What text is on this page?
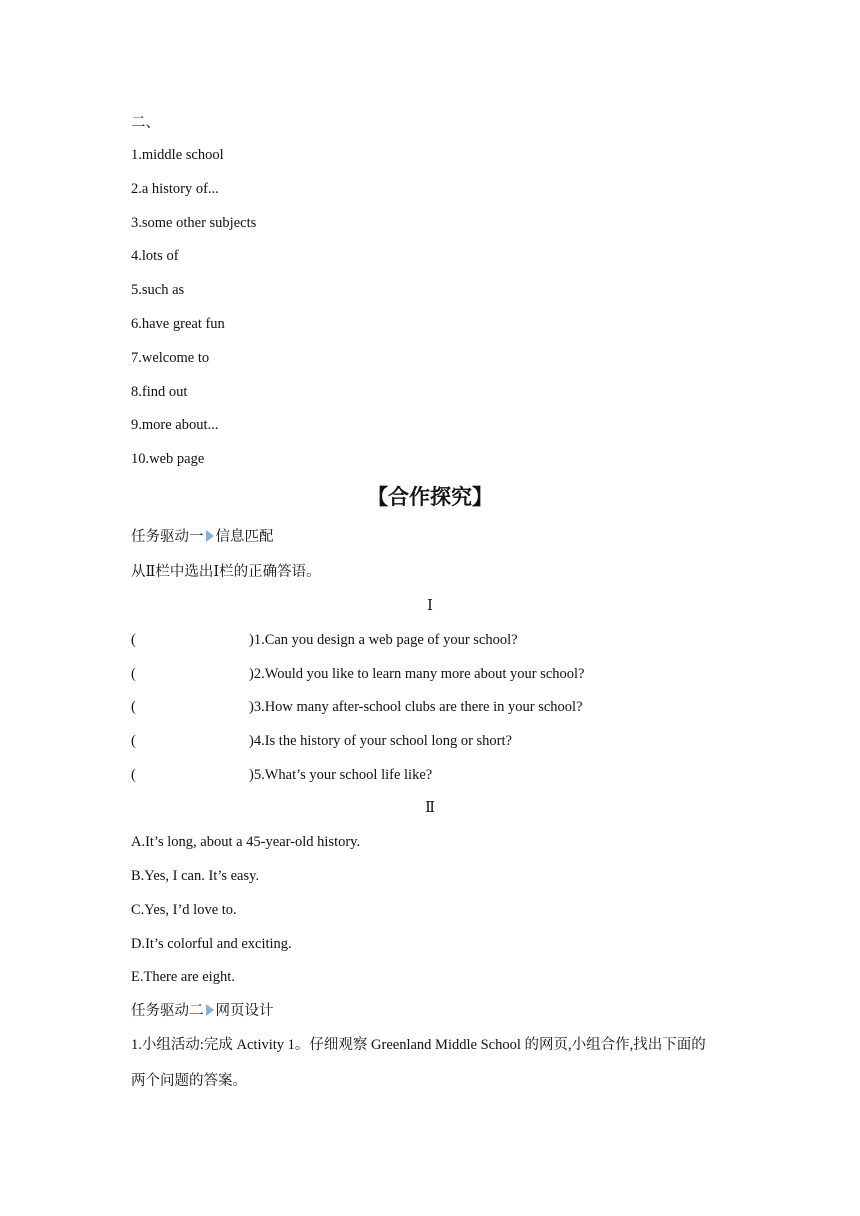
二、
1.middle school
2.a history of...
3.some other subjects
4.lots of
5.such as
6.have great fun
7.welcome to
8.find out
9.more about...
10.web page
【合作探究】
任务驱动一 信息匹配
从Ⅱ栏中选出Ⅰ栏的正确答语。
Ⅰ
(	)1.Can you design a web page of your school?
(	)2.Would you like to learn many more about your school?
(	)3.How many after-school clubs are there in your school?
(	)4.Is the history of your school long or short?
(	)5.What’s your school life like?
Ⅱ
A.It’s long, about a 45-year-old history.
B.Yes, I can. It’s easy.
C.Yes, I’d love to.
D.It’s colorful and exciting.
E.There are eight.
任务驱动二 网页设计
1.小组活动:完成 Activity 1。仔细观察 Greenland Middle School 的网页,小组合作,找出下面的
两个问题的答案。
